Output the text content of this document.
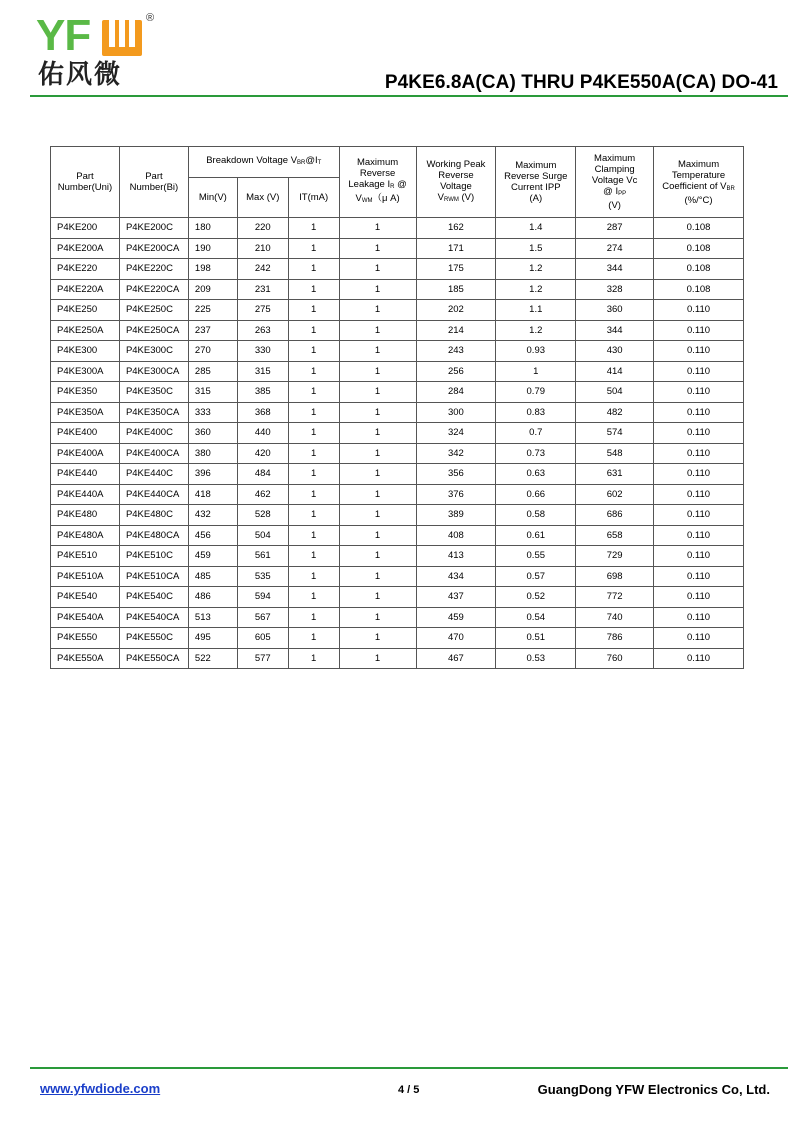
YF	®
佑风微	P4KE6.8A(CA) THRU P4KE550A(CA) DO-41
Part Number(Uni)	Part Number(Bi)	Breakdown Voltage $V_{BR}@I_T$			Maximum
Reverse
Leakage $I_R$ @
$V_{WM}(\mu$ A)	Working Peak
Reverse
Voltage
$V_{RWM}$ (V)	Maximum
Reverse Surge
Current IPP
(A)	Maximum
Clamping
Voltage Vc
@ $I_{PP}$
(V)	Maximum
Temperature
Coefficient of $V_{BR}$
(%/°C)
		Min(V)	Max (V)	IT(mA)					
P4KE200	P4KE200C	180	220	1	1	162	1.4	287	0.108
P4KE200A	P4KE200CA	190	210	1	1	171	1.5	274	0.108
P4KE220	P4KE220C	198	242	1	1	175	1.2	344	0.108
P4KE220A	P4KE220CA	209	231	1	1	185	1.2	328	0.108
P4KE250	P4KE250C	225	275	1	1	202	1.1	360	0.110
P4KE250A	P4KE250CA	237	263	1	1	214	1.2	344	0.110
P4KE300	P4KE300C	270	330	1	1	243	0.93	430	0.110
P4KE300A	P4KE300CA	285	315	1	1	256	1	414	0.110
P4KE350	P4KE350C	315	385	1	1	284	0.79	504	0.110
P4KE350A	P4KE350CA	333	368	1	1	300	0.83	482	0.110
P4KE400	P4KE400C	360	440	1	1	324	0.7	574	0.110
P4KE400A	P4KE400CA	380	420	1	1	342	0.73	548	0.110
P4KE440	P4KE440C	396	484	1	1	356	0.63	631	0.110
P4KE440A	P4KE440CA	418	462	1	1	376	0.66	602	0.110
P4KE480	P4KE480C	432	528	1	1	389	0.58	686	0.110
P4KE480A	P4KE480CA	456	504	1	1	408	0.61	658	0.110
P4KE510	P4KE510C	459	561	1	1	413	0.55	729	0.110
P4KE510A	P4KE510CA	485	535	1	1	434	0.57	698	0.110
P4KE540	P4KE540C	486	594	1	1	437	0.52	772	0.110
P4KE540A	P4KE540CA	513	567	1	1	459	0.54	740	0.110
P4KE550	P4KE550C	495	605	1	1	470	0.51	786	0.110
P4KE550A	P4KE550CA	522	577	1	1	467	0.53	760	0.110
www.yfwdiode.com	4 / 5	GuangDong YFW Electronics Co, Ltd.
